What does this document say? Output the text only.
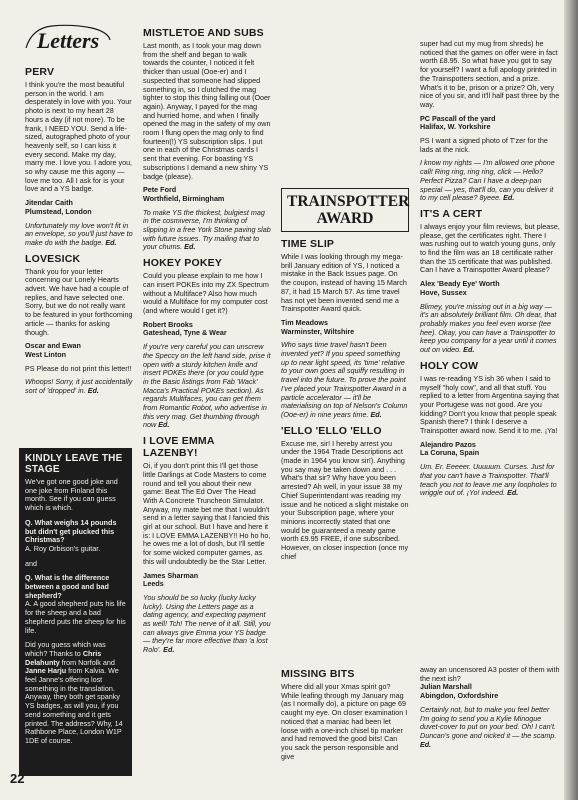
Letters
PERV

I think you're the most beautiful person in the world. I am desperately in love with you. Your photo is next to my heart 28 hours a day (if not more). To be frank, I NEED YOU. Send a life-sized, autographed photo of your heavenly self, so I can kiss it every second. Make my day, marry me. I love you. I adore you, so why cause me this agony — love me too. All I ask for is your love and a YS badge.

Jitendar Caith
Plumstead, London

Unfortunately my love won't fit in an envelope, so you'll just have to make do with the badge. Ed.

LOVESICK

Thank you for your letter concerning our Lonely Hearts advert. We have had a couple of replies, and have selected one. Sorry, but we do not really want to be featured in your forthcoming article — thanks for asking though.

Oscar and Ewan
West Linton

PS Please do not print this letter!!

Whoops! Sorry, it just accidentally sort of 'dropped' in. Ed.

KINDLY LEAVE THE STAGE

We've got one good joke and one joke from Finland this month. See if you can guess which is which.

Q. What weighs 14 pounds but didn't get plucked this Christmas?

A. Roy Orbison's guitar.

and

Q. What is the difference between a good and bad shepherd?

A. A good shepherd puts his life for the sheep and a bad shepherd puts the sheep for his life.

Did you guess which was which? Thanks to Chris Delahunty from Norfolk and Janne Harju from Kalvia. We feel Janne's offering lost something in the translation. Anyway, they both get spanky YS badges, as will you, if you send something and it gets printed. The address? Why, 14 Rathbone Place, London W1P 1DE of course.

22
MISTLETOE AND SUBS

Last month, as I took your mag down from the shelf and began to walk towards the counter, I noticed it felt thicker than usual (Ooe-er) and I suspected that someone had slipped something in, so I clutched the mag tighter to stop this thing falling out (Ooer again). Anyway, I payed for the mag and hurried home, and when I finally opened the mag in the safety of my own room I flung open the mag only to find fourteen(!) YS subscription slips. I put one in each of the Christmas cards I sent that evening. For boasting YS subscriptions I demand a new shiny YS badge (please).

Pete Ford
Worthfield, Birmingham

To make YS the thickest, bulgiest mag in the cosmiverse, I'm thinking of slipping in a free York Stone paving slab with future issues. Try mailing that to your chums. Ed.

HOKEY POKEY

Could you please explain to me how I can insert POKEs into my ZX Spectrum without a Multiface? Also how much would a Multiface for my computer cost (and where would I get it?)

Robert Brooks
Gateshead, Tyne & Wear

If you're very careful you can unscrew the Speccy on the left hand side, prise it open with a sturdy kitchen knife and insert POKEs there (or you could type in the Basic listings from Fab 'Wack' Macca's Practical POKEs section). As regards Multifaces, you can get them from Romantic Robot, who advertise in this very mag. Get thumbing through now Ed.

I LOVE EMMA LAZENBY!

Oi, if you don't print this I'll get those little Darlings at Code Masters to come round and tell you about their new game: Beat The Ed Over The Head With A Concrete Truncheon Simulator. Anyway, my mate bet me that I wouldn't send in a letter saying that I fancied this girl at our school. But I have and here it is: I LOVE EMMA LAZENBY!! Ho ho ho, he owes me a lot of dosh, but I'll settle for some wicked computer games, as this will undoubtedly be the Star Letter.

James Sharman
Leeds

You should be so lucky (lucky lucky lucky). Using the Letters page as a dating agency, and expecting payment as well! Tch! The nerve of it all. Still, you can always give Emma your YS badge — they're far more effective than 'a lost Rolo'. Ed.

TRAINSPOTTER AWARD
TIME SLIP

While I was looking through my mega-brill January edition of YS, I noticed a mistake in the Back Issues page. On the coupon, instead of having 15 March 87, it had 15 March 57. As time travel has not yet been invented send me a Trainspotter Award quick.

Tim Meadows
Warminster, Wiltshire

Who says time travel hasn't been invented yet? If you speed something up to near light speed, its 'time' relative to your own goes all squiffy resulting in travel into the future. To prove the point I've placed your Trainspotter Award in a particle accelerator — it'll be materialising on top of Nelson's Column (Ooe-er) in nine years time. Ed.

'ELLO 'ELLO 'ELLO

Excuse me, sir! I hereby arrest you under the 1964 Trade Descriptions act (made in 1964 you know sir!). Anything you say may be taken down and . . . What's that sir? Why have you been arrested? Ah well, in your issue 38 my Chief Superintendant was reading my issue and he noticed a slight mistake on your Subscription page, where your minions incorrectly stated that one would be guaranteed a meaty game worth £9.95 FREE, if one subscribed. However, on closer inspection (once my chief

super had cut my mug from shreds) he noticed that the games on offer were in fact worth £8.95. So what have you got to say for yourself? I want a full apology printed in the Trainspotters section, and a prize. What's it to be, prison or a prize? Oh, very nice of you sir, and it'll half past three by the way.

PC Pascall of the yard
Halifax, W. Yorkshire

PS I want a signed photo of T'zer for the lads at the nick.

I know my rights — I'm allowed one phone call! Ring ring, ring ring, click — Hello? Perfect Pizza? Can I have a deep-pan special — yes, that'll do, can you deliver it to my cell please? 8yeee. Ed.

IT'S A CERT

I always enjoy your film reviews, but please, please, get the certificates right. There I was rushing out to watch young guns, only to find the film was an 18 certificate rather than the 15 certificate that was published. Can I have a Trainspotter Award please?

Alex 'Beady Eye' Worth
Hove, Sussex

Blimey, you're missing out in a big way — it's an absolutely brilliant film. Oh dear, that probably makes you feel even worse (tee hee). Okay, you can have a Trainspotter to keep you company for a year until it comes out on video. Ed.

HOLY COW

I was re-reading YS ish 36 when I said to myself "holy cow", and all that stuff. You replied to a letter from Argentina saying that your Portugese was not good. Are you kidding? Don't you know that people speak Spanish there? I think I deserve a Trainspotter award now. Send it to me. ¡Ya!

Alejandro Pazos
La Coruna, Spain

Um. Er. Eeeeer. Uuuuum. Curses. Just for that you can't have a Trainspotter. That'll teach you not to leave me any loopholes to wriggle out of. ¡Yo! indeed. Ed.

MISSING BITS

Where did all your Xmas spirit go? While leafing through my January mag (as I normally do), a picture on page 69 caught my eye. On closer examination I noticed that a maniac had been let loose with a one-inch chisel tip marker and had removed the good bits! Can you sack the person responsible and give

away an uncensored A3 poster of them with the next ish?

Julian Marshall
Abingdon, Oxfordshire

Certainly not, but to make you feel better I'm going to send you a Kylie Minogue duvet-cover to put on your bed. Oh! I can't. Duncan's gone and nicked it — the scamp. Ed.
